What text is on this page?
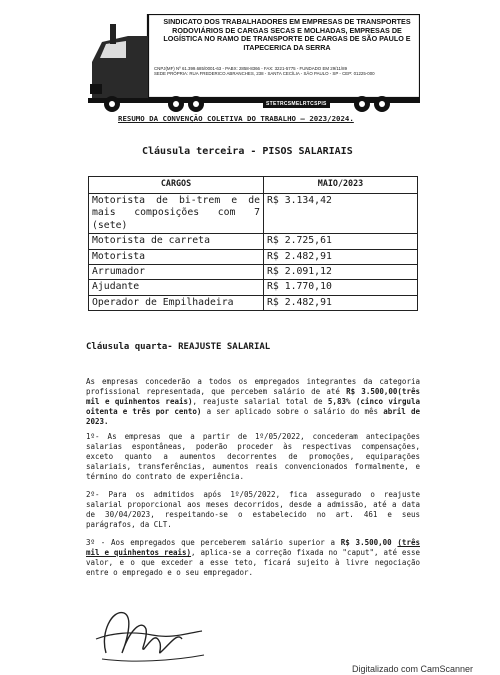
SINDICATO DOS TRABALHADORES EM EMPRESAS DE TRANSPORTES RODOVIÁRIOS DE CARGAS SECAS E MOLHADAS, EMPRESAS DE LOGÍSTICA NO RAMO DE TRANSPORTE DE CARGAS DE SÃO PAULO E ITAPECERICA DA SERRA
CNPJ(MF) Nº 61.399.685/0001-63 - PABX: 2858-8366 - FAX: 3221-5775 - FUNDADO EM 29/11/89
SEDE PRÓPRIA: RUA FREDERICO ABRANCHES, 238 - SANTA CECÍLIA - SÃO PAULO - SP - CEP: 01225-000
STETRCSMELRTCSPIS
RESUMO DA CONVENÇÃO COLETIVA DO TRABALHO – 2023/2024.
Cláusula terceira - PISOS SALARIAIS
CARGOS	MAIO/2023
Motorista de bi-trem e de mais composições com 7 (sete)	R$ 3.134,42
Motorista de carreta	R$ 2.725,61
Motorista	R$ 2.482,91
Arrumador	R$ 2.091,12
Ajudante	R$ 1.770,10
Operador de Empilhadeira	R$ 2.482,91
Cláusula quarta- REAJUSTE SALARIAL
As empresas concederão a todos os empregados integrantes da categoria profissional representada, que percebem salário de até R$ 3.500,00(três mil e quinhentos reais), reajuste salarial total de 5,83% (cinco virgula oitenta e três por cento) a ser aplicado sobre o salário do mês abril de 2023.
1º- As empresas que a partir de 1º/05/2022, concederam antecipações salarias espontâneas, poderão proceder às respectivas compensações, exceto quanto a aumentos decorrentes de promoções, equiparações salariais, transferências, aumentos reais convencionados formalmente, e término do contrato de experiência.
2º- Para os admitidos após 1º/05/2022, fica assegurado o reajuste salarial proporcional aos meses decorridos, desde a admissão, até a data de 30/04/2023, respeitando-se o estabelecido no art. 461 e seus parágrafos, da CLT.
3º - Aos empregados que perceberem salário superior a R$ 3.500,00 (três mil e quinhentos reais), aplica-se a correção fixada no "caput", até esse valor, e o que exceder a esse teto, ficará sujeito à livre negociação entre o empregado e o seu empregador.
Digitalizado com CamScanner
